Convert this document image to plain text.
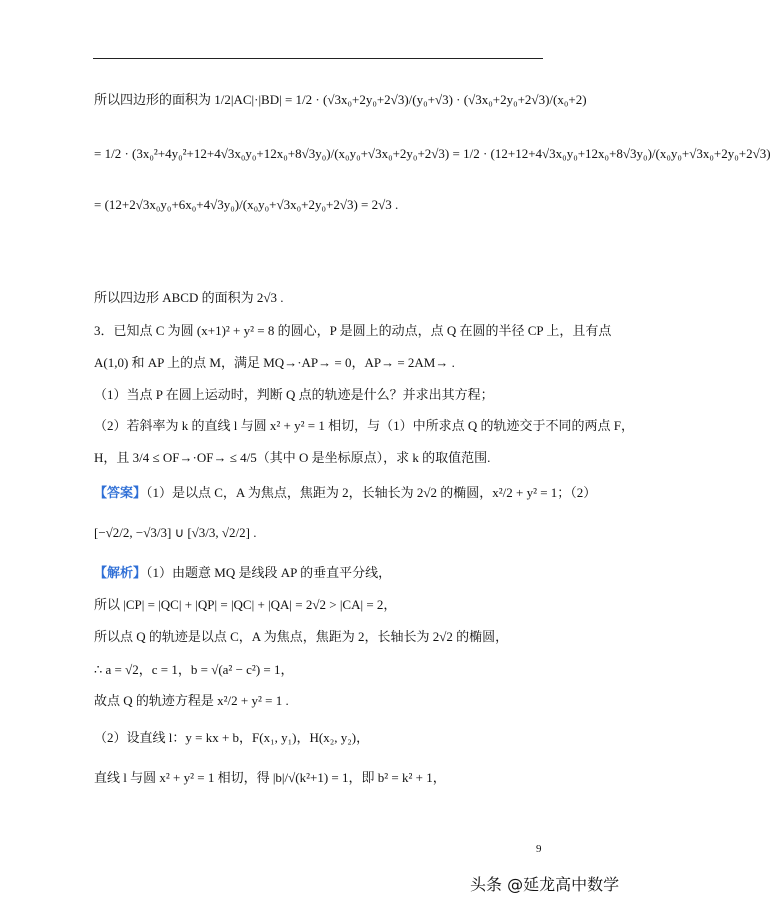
所以四边形的面积为 1/2|AC|·|BD| = 1/2 · (√3x₀+2y₀+2√3)/(y₀+√3) · (√3x₀+2y₀+2√3)/(x₀+2)
= 1/2 · (3x₀²+4y₀²+12+4√3x₀y₀+12x₀+8√3y₀)/(x₀y₀+√3x₀+2y₀+2√3) = 1/2 · (12+12+4√3x₀y₀+12x₀+8√3y₀)/(x₀y₀+√3x₀+2y₀+2√3)
= (12+2√3x₀y₀+6x₀+4√3y₀)/(x₀y₀+√3x₀+2y₀+2√3) = 2√3 .
所以四边形 ABCD 的面积为 2√3 .
3．已知点 C 为圆 (x+1)² + y² = 8 的圆心，P 是圆上的动点，点 Q 在圆的半径 CP 上，且有点
A(1,0) 和 AP 上的点 M，满足 MQ→·AP→ = 0，AP→ = 2AM→ .
（1）当点 P 在圆上运动时，判断 Q 点的轨迹是什么？并求出其方程；
（2）若斜率为 k 的直线 l 与圆 x² + y² = 1 相切，与（1）中所求点 Q 的轨迹交于不同的两点 F，
H，且 3/4 ≤ OF→·OF→ ≤ 4/5（其中 O 是坐标原点），求 k 的取值范围.
【答案】（1）是以点 C，A 为焦点，焦距为 2，长轴长为 2√2 的椭圆，x²/2 + y² = 1；（2）
[−√2/2, −√3/3] ∪ [√3/3, √2/2] .
【解析】（1）由题意 MQ 是线段 AP 的垂直平分线，
所以 |CP| = |QC| + |QP| = |QC| + |QA| = 2√2 > |CA| = 2，
所以点 Q 的轨迹是以点 C，A 为焦点，焦距为 2，长轴长为 2√2 的椭圆，
∴ a = √2，c = 1，b = √(a² − c²) = 1，
故点 Q 的轨迹方程是 x²/2 + y² = 1 .
（2）设直线 l：y = kx + b，F(x₁, y₁)，H(x₂, y₂)，
直线 l 与圆 x² + y² = 1 相切，得 |b|/√(k²+1) = 1，即 b² = k² + 1，
9
头条 @延龙高中数学
